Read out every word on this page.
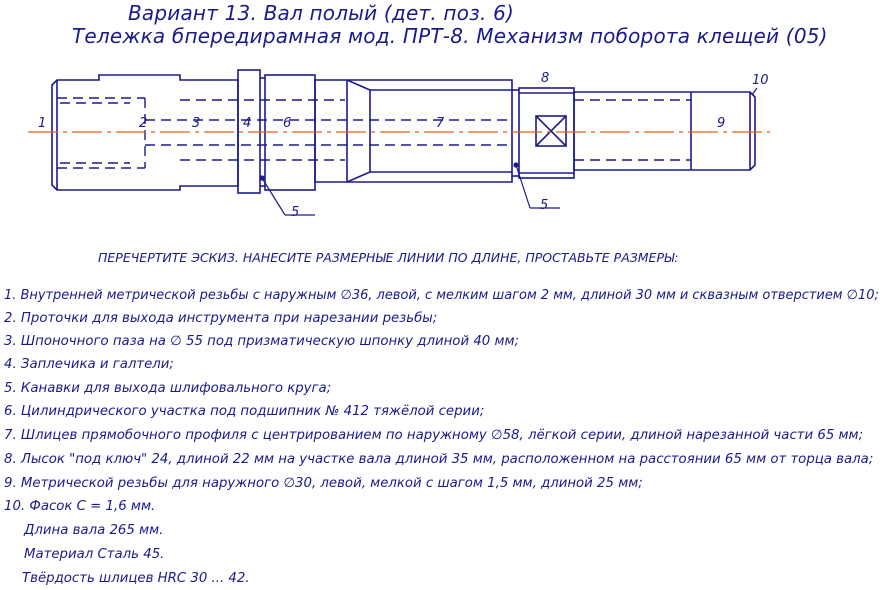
Вариант 13. Вал полый (дет. поз. 6)
Тележка бпередирамная мод. ПРТ-8. Механизм поборота клещей (05)
1	2	3	4 6	7
8
9
10
5	5
ПЕРЕЧЕРТИТЕ ЭСКИЗ. НАНЕСИТЕ РАЗМЕРНЫЕ ЛИНИИ ПО ДЛИНЕ, ПРОСТАВЬТЕ РАЗМЕРЫ:
1. Внутренней метрической резьбы с наружным ∅36, левой, с мелким шагом 2 мм, длиной 30 мм и сквазным отверстием ∅10;
2. Проточки для выхода инструмента при нарезании резьбы;
3. Шпоночного паза на ∅ 55 под призматическую шпонку длиной 40 мм;
4. Заплечика и галтели;
5. Канавки для выхода шлифовального круга;
6. Цилиндрического участка под подшипник № 412 тяжёлой серии;
7. Шлицев прямобочного профиля с центрированием по наружному ∅58, лёгкой серии, длиной нарезанной части 65 мм;
8. Лысок "под ключ" 24, длиной 22 мм на участке вала длиной 35 мм, расположенном на расстоянии 65 мм от торца вала;
9. Метрической резьбы для наружного ∅30, левой, мелкой с шагом 1,5 мм, длиной 25 мм;
10. Фасок C = 1,6 мм.
Длина вала 265 мм.
Материал Сталь 45.
Твёрдость шлицев HRC 30 ... 42.
